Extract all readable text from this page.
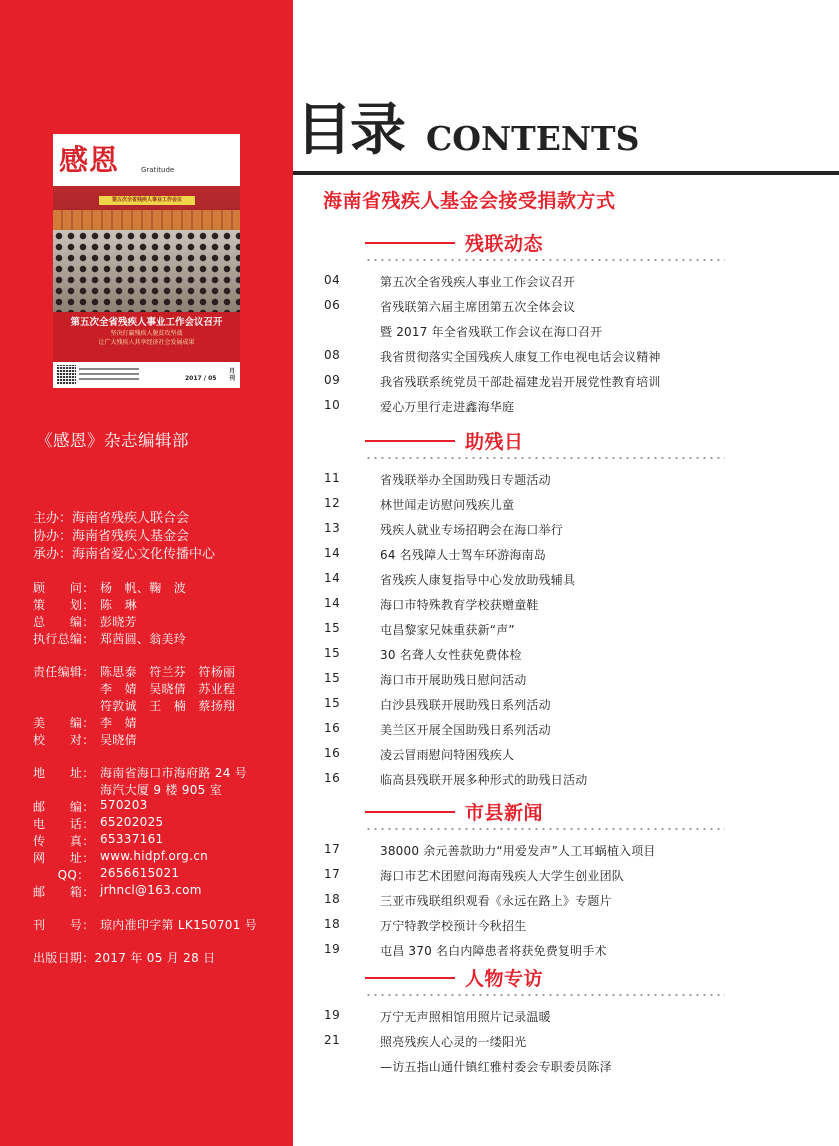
感恩	Gratitude
第五次全省残疾人事业工作会议
第五次全省残疾人事业工作会议召开
坚决打赢残疾人脱贫攻坚战
让广大残疾人共享经济社会发展成果
2017 / 05
月刊
《感恩》杂志编辑部
主办：海南省残疾人联合会
协办：海南省残疾人基金会
承办：海南省爱心文化传播中心
顾　　问： 杨　帆、鞠　波
策　　划： 陈　琳
总　　编： 彭晓芳
执行总编： 郑茜圆、翁美玲
责任编辑： 陈思泰　符兰芬　符杨丽
李　婧　吴晓倩　苏业程
符敦诚　王　楠　蔡扬翔
美　　编： 李　婧
校　　对： 吴晓倩
地　　址： 海南省海口市海府路 24 号
海汽大厦 9 楼 905 室
邮　　编： 570203
电　　话： 65202025
传　　真： 65337161
网　　址： www.hidpf.org.cn
　　QQ： 2656615021
邮　　箱： jrhncl@163.com
刊　　号： 琼内准印字第 LK150701 号
出版日期：2017 年 05 月 28 日
目录 CONTENTS
海南省残疾人基金会接受捐款方式
残联动态
04	第五次全省残疾人事业工作会议召开
06	省残联第六届主席团第五次全体会议
暨 2017 年全省残联工作会议在海口召开
08	我省贯彻落实全国残疾人康复工作电视电话会议精神
09	我省残联系统党员干部赴福建龙岩开展党性教育培训
10	爱心万里行走进鑫海华庭
助残日
11	省残联举办全国助残日专题活动
12	林世闻走访慰问残疾儿童
13	残疾人就业专场招聘会在海口举行
14	64 名残障人士驾车环游海南岛
14	省残疾人康复指导中心发放助残辅具
14	海口市特殊教育学校获赠童鞋
15	屯昌黎家兄妹重获新“声”
15	30 名聋人女性获免费体检
15	海口市开展助残日慰问活动
15	白沙县残联开展助残日系列活动
16	美兰区开展全国助残日系列活动
16	凌云冒雨慰问特困残疾人
16	临高县残联开展多种形式的助残日活动
市县新闻
17	38000 余元善款助力“用爱发声”人工耳蜗植入项目
17	海口市艺术团慰问海南残疾人大学生创业团队
18	三亚市残联组织观看《永远在路上》专题片
18	万宁特教学校预计今秋招生
19	屯昌 370 名白内障患者将获免费复明手术
人物专访
19	万宁无声照相馆用照片记录温暖
21	照亮残疾人心灵的一缕阳光
—访五指山通什镇红雅村委会专职委员陈泽
